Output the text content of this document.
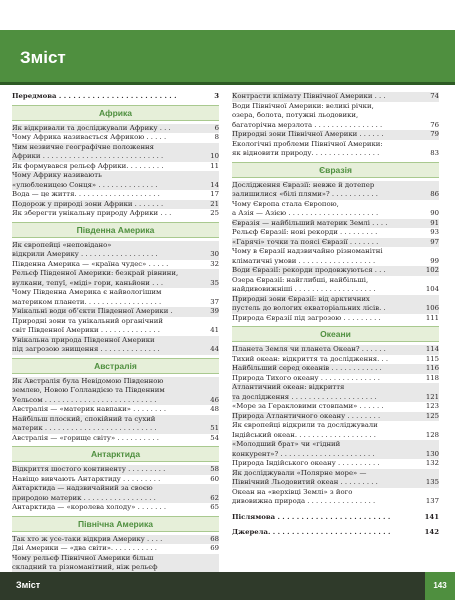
Зміст
Передмова . . . . . . . . . . . . . . . . . . . . . . . . .	3
Африка
Як відкривали та досліджували Африку . . .	6
Чому Африка називається Африкою . . . . .	8
Чим незвичне географічне положення
Африки . . . . . . . . . . . . . . . . . . . . . . . . . . . .	10
Як формувався рельєф Африки. . . . . . . . .	11
Чому Африку називають
«улюбленицею Сонця» . . . . . . . . . . . . . .	14
Вода — це життя. . . . . . . . . . . . . . . . . . . .	17
Подорож у природі зони Африки . . . . . . .	21
Як зберегти унікальну природу Африки . . .	25
Південна Америка
Як європейці «неповідано»
відкрили Америку . . . . . . . . . . . . . . . . . .	30
Південна Америка — «країна чудес» . . . . .	32
Рельєф Південної Америки: безкрай рівнини,
вулкани, тепуї, «міді» гори, каньйони . . .	35
Чому Південна Америка є найвологішим
материком планети. . . . . . . . . . . . . . . . . .	37
Унікальні води об’єкти Південної Америки .	39
Природні зони та унікальний органічний
світ Південної Америки . . . . . . . . . . . . . .	41
Унікальна природа Південної Америки
під загрозою знищення . . . . . . . . . . . . . .	44
Австралія
Як Австралія була Невідомою Південною
землею, Новою Голландією та Південним
Уельсом . . . . . . . . . . . . . . . . . . . . . . . . . .	46
Австралія — «материк навпаки» . . . . . . . .	48
Найбільш плоский, спокійний та сухий
материк . . . . . . . . . . . . . . . . . . . . . . . . . .	51
Австралія — «горище світу» . . . . . . . . . .	54
Антарктида
Відкриття шостого континенту . . . . . . . . .	58
Навіщо вивчають Антарктиду . . . . . . . . .	60
Антарктида — надзвичайний за своєю
природою материк . . . . . . . . . . . . . . . . .	62
Антарктида — «королева холоду» . . . . . . .	65
Північна Америка
Так хто ж усе-таки відкрив Америку . . . .	68
Дві Америки — «два світи». . . . . . . . . . .	69
Чому рельєф Північної Америки більш
складний та різноманітний, ніж рельєф

Контрасти клімату Північної Америки . . .	74
Води Північної Америки: великі річки,
озера, болота, потужні льодовики,
багаторічна мерзлота . . . . . . . . . . . . . . . .	76
Природні зони Північної Америки . . . . . .	79
Екологічні проблеми Північної Америки:
як відновити природу. . . . . . . . . . . . . . . .	83
Євразія
Дослідження Євразії: невже й дотепер
залишилися «білі плями»? . . . . . . . . . . .	86
Чому Європа стала Європою,
а Азія — Азією . . . . . . . . . . . . . . . . . . . . .	90
Євразія — найбільший материк Землі . . . .	91
Рельєф Євразії: нові рекорди . . . . . . . . .	93
«Гарячі» точки та поясі Євразії . . . . . . .	97
Чому в Євразії надзвичайно різноманітні
кліматичні умови . . . . . . . . . . . . . . . . . .	99
Води Євразії: рекорди продовжуються . . .	102
Озера Євразії: найглибші, найбільші,
найдивовижніші . . . . . . . . . . . . . . . . . . .	104
Природні зони Євразії: від арктичних
пустель до вологих екваторіальних лісів. .	106
Природа Євразії під загрозою . . . . . . . . .	111
Океани
Планета Земля чи планета Океан? . . . . . .	114
Тихий океан: відкриття та дослідження. . .	115
Найбільший серед океанів . . . . . . . . . . . .	116
Природа Тихого океану . . . . . . . . . . . . . .	118
Атлантичний океан: відкриття
та дослідження . . . . . . . . . . . . . . . . . . . .	121
«Море за Геракловими стовпами» . . . . . .	123
Природа Атлантичного океану . . . . . . . .	125
Як європейці відкрили та досліджували
Індійський океан. . . . . . . . . . . . . . . . . . .	128
«Молодший брат» чи «гідний
конкурент»? . . . . . . . . . . . . . . . . . . . . . .	130
Природа Індійського океану . . . . . . . . . .	132
Як досліджували «Полярне море» —
Північний Льодовитий океан . . . . . . . . .	135
Океан на «верхівці Землі» з його
дивовижна природа . . . . . . . . . . . . . . . .	137
Післямова . . . . . . . . . . . . . . . . . . . . . . . .	141
Джерела. . . . . . . . . . . . . . . . . . . . . . . . . .	142
Зміст	143
